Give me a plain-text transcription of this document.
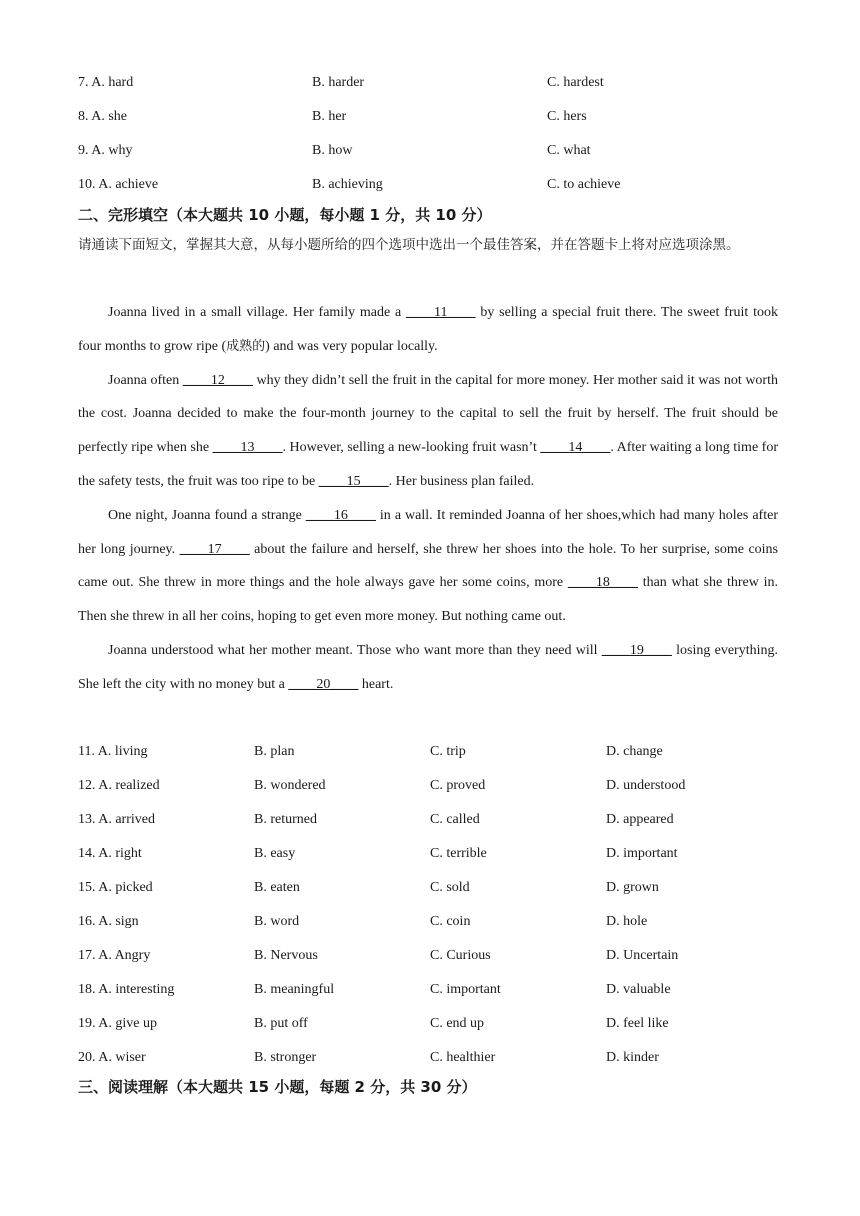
7. A. hard	B. harder	C. hardest
8. A. she	B. her	C. hers
9. A. why	B. how	C. what
10. A. achieve	B. achieving	C. to achieve
二、完形填空（本大题共 10 小题，每小题 1 分，共 10 分）
请通读下面短文，掌握其大意，从每小题所给的四个选项中选出一个最佳答案，并在答题卡上将对应选项涂黑。

Joanna lived in a small village. Her family made a ____11____ by selling a special fruit there. The sweet fruit took four months to grow ripe (成熟的) and was very popular locally.

Joanna often ____12____ why they didn’t sell the fruit in the capital for more money. Her mother said it was not worth the cost. Joanna decided to make the four-month journey to the capital to sell the fruit by herself. The fruit should be perfectly ripe when she ____13____. However, selling a new-looking fruit wasn’t ____14____. After waiting a long time for the safety tests, the fruit was too ripe to be ____15____. Her business plan failed.

One night, Joanna found a strange ____16____ in a wall. It reminded Joanna of her shoes,which had many holes after her long journey. ____17____ about the failure and herself, she threw her shoes into the hole. To her surprise, some coins came out. She threw in more things and the hole always gave her some coins, more ____18____ than what she threw in. Then she threw in all her coins, hoping to get even more money. But nothing came out.

Joanna understood what her mother meant. Those who want more than they need will ____19____ losing everything. She left the city with no money but a ____20____ heart.

11. A. living	B. plan	C. trip	D. change
12. A. realized	B. wondered	C. proved	D. understood
13. A. arrived	B. returned	C. called	D. appeared
14. A. right	B. easy	C. terrible	D. important
15. A. picked	B. eaten	C. sold	D. grown
16. A. sign	B. word	C. coin	D. hole
17. A. Angry	B. Nervous	C. Curious	D. Uncertain
18. A. interesting	B. meaningful	C. important	D. valuable
19. A. give up	B. put off	C. end up	D. feel like
20. A. wiser	B. stronger	C. healthier	D. kinder
三、阅读理解（本大题共 15 小题，每题 2 分，共 30 分）
